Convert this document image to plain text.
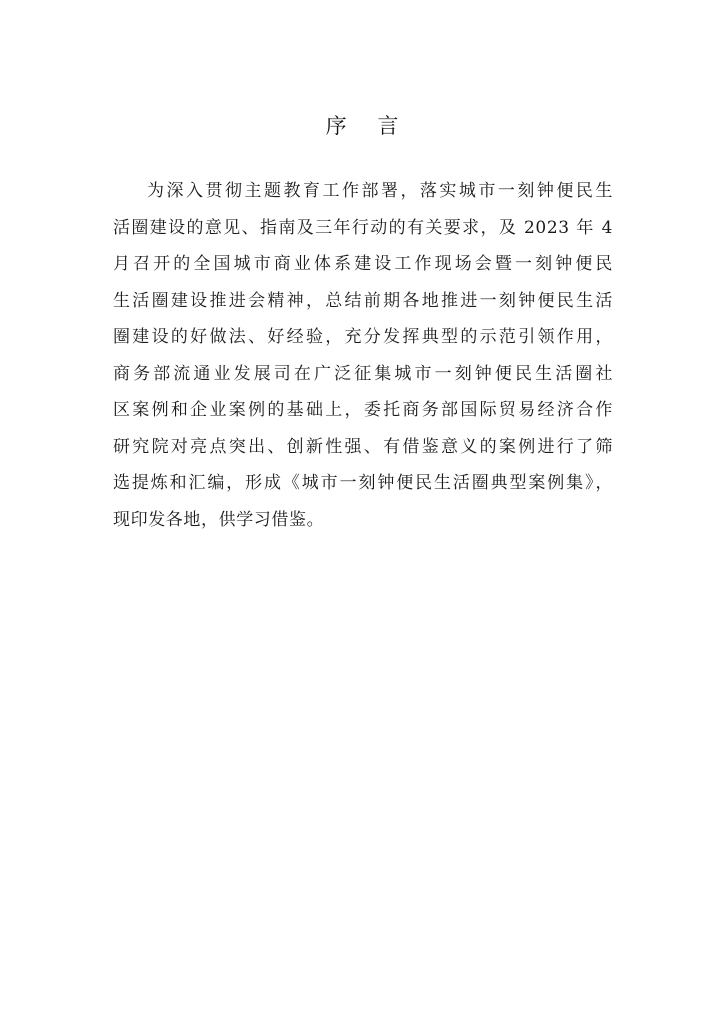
序 言
为深入贯彻主题教育工作部署，落实城市一刻钟便民生
活圈建设的意见、指南及三年行动的有关要求，及 2023 年 4
月召开的全国城市商业体系建设工作现场会暨一刻钟便民
生活圈建设推进会精神，总结前期各地推进一刻钟便民生活
圈建设的好做法、好经验，充分发挥典型的示范引领作用，
商务部流通业发展司在广泛征集城市一刻钟便民生活圈社
区案例和企业案例的基础上，委托商务部国际贸易经济合作
研究院对亮点突出、创新性强、有借鉴意义的案例进行了筛
选提炼和汇编，形成《城市一刻钟便民生活圈典型案例集》，
现印发各地，供学习借鉴。
